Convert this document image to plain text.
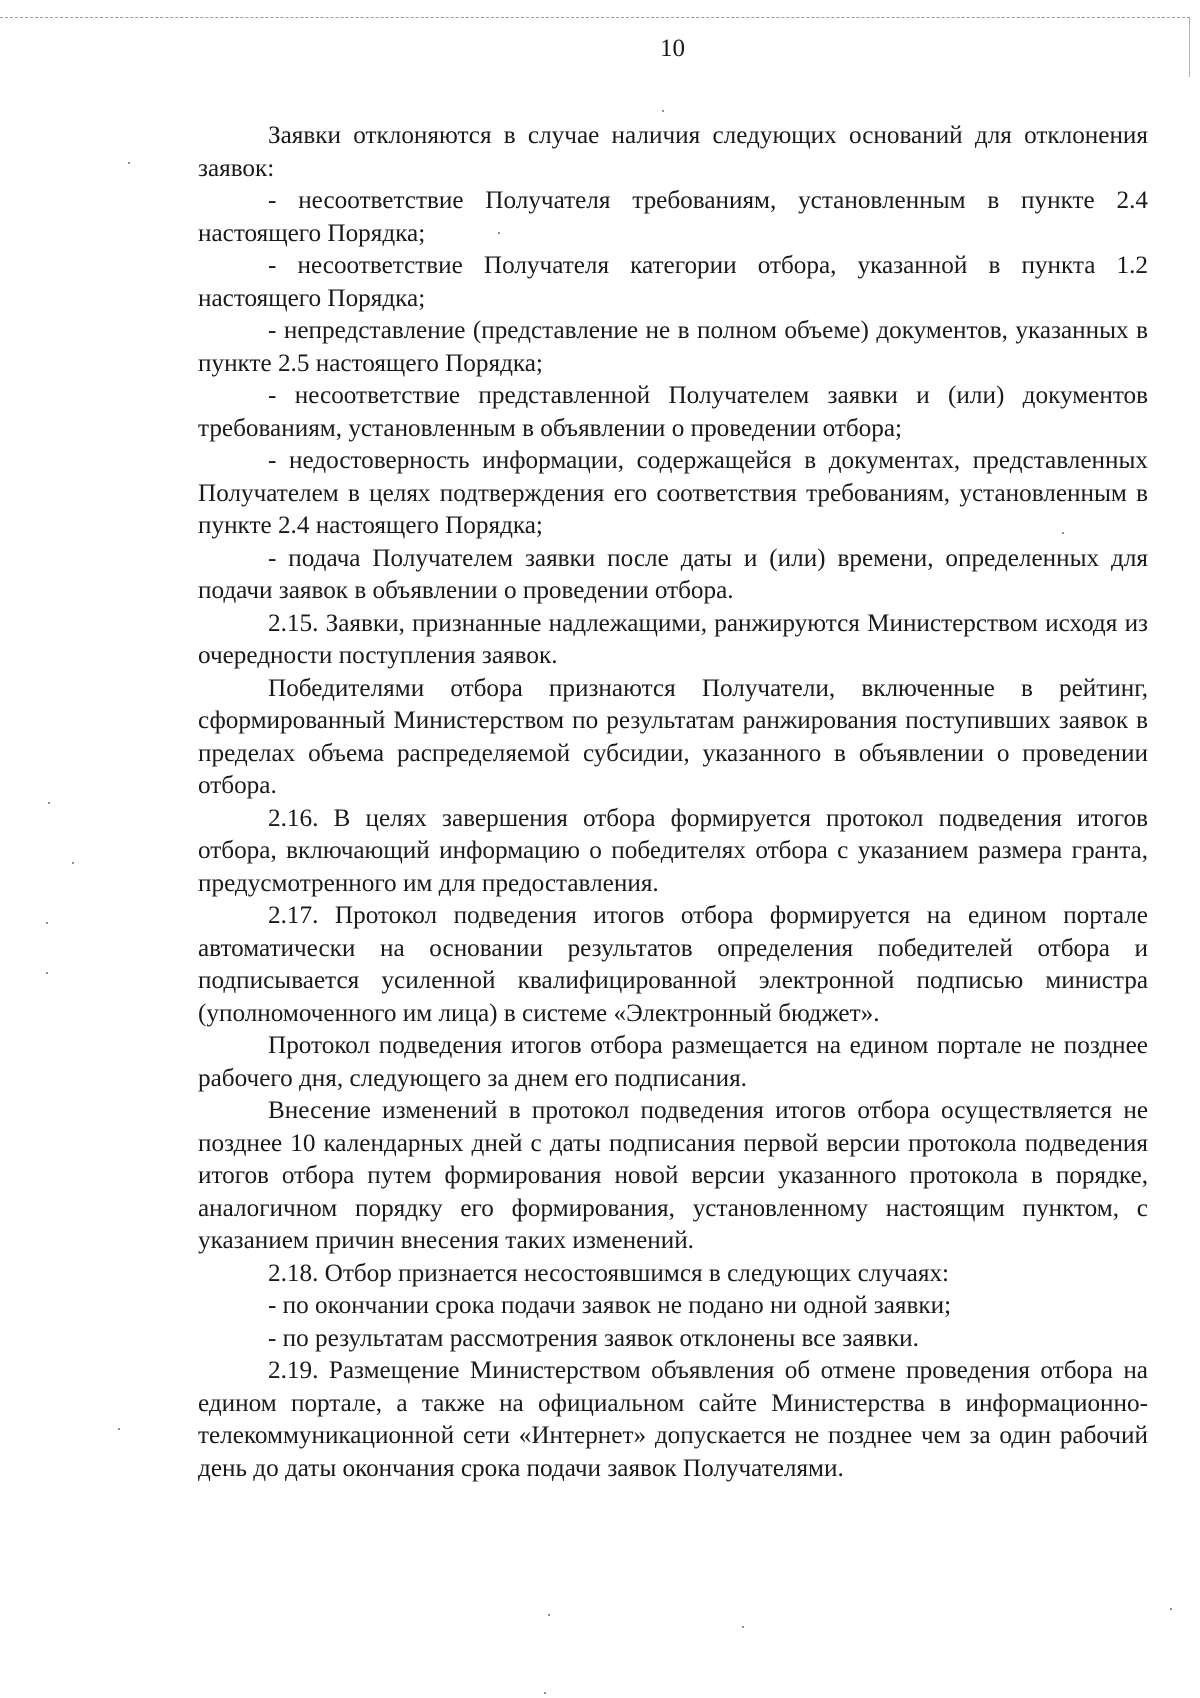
10

Заявки отклоняются в случае наличия следующих оснований для отклонения заявок:

- несоответствие Получателя требованиям, установленным в пункте 2.4 настоящего Порядка;

- несоответствие Получателя категории отбора, указанной в пункта 1.2 настоящего Порядка;

- непредставление (представление не в полном объеме) документов, указанных в пункте 2.5 настоящего Порядка;

- несоответствие представленной Получателем заявки и (или) документов требованиям, установленным в объявлении о проведении отбора;

- недостоверность информации, содержащейся в документах, представленных Получателем в целях подтверждения его соответствия требованиям, установленным в пункте 2.4 настоящего Порядка;

- подача Получателем заявки после даты и (или) времени, определенных для подачи заявок в объявлении о проведении отбора.

2.15. Заявки, признанные надлежащими, ранжируются Министерством исходя из очередности поступления заявок.

Победителями отбора признаются Получатели, включенные в рейтинг, сформированный Министерством по результатам ранжирования поступивших заявок в пределах объема распределяемой субсидии, указанного в объявлении о проведении отбора.

2.16. В целях завершения отбора формируется протокол подведения итогов отбора, включающий информацию о победителях отбора с указанием размера гранта, предусмотренного им для предоставления.

2.17. Протокол подведения итогов отбора формируется на едином портале автоматически на основании результатов определения победителей отбора и подписывается усиленной квалифицированной электронной подписью министра (уполномоченного им лица) в системе «Электронный бюджет».

Протокол подведения итогов отбора размещается на едином портале не позднее рабочего дня, следующего за днем его подписания.

Внесение изменений в протокол подведения итогов отбора осуществляется не позднее 10 календарных дней с даты подписания первой версии протокола подведения итогов отбора путем формирования новой версии указанного протокола в порядке, аналогичном порядку его формирования, установленному настоящим пунктом, с указанием причин внесения таких изменений.

2.18. Отбор признается несостоявшимся в следующих случаях:

- по окончании срока подачи заявок не подано ни одной заявки;

- по результатам рассмотрения заявок отклонены все заявки.

2.19. Размещение Министерством объявления об отмене проведения отбора на едином портале, а также на официальном сайте Министерства в информационно-телекоммуникационной сети «Интернет» допускается не позднее чем за один рабочий день до даты окончания срока подачи заявок Получателями.
